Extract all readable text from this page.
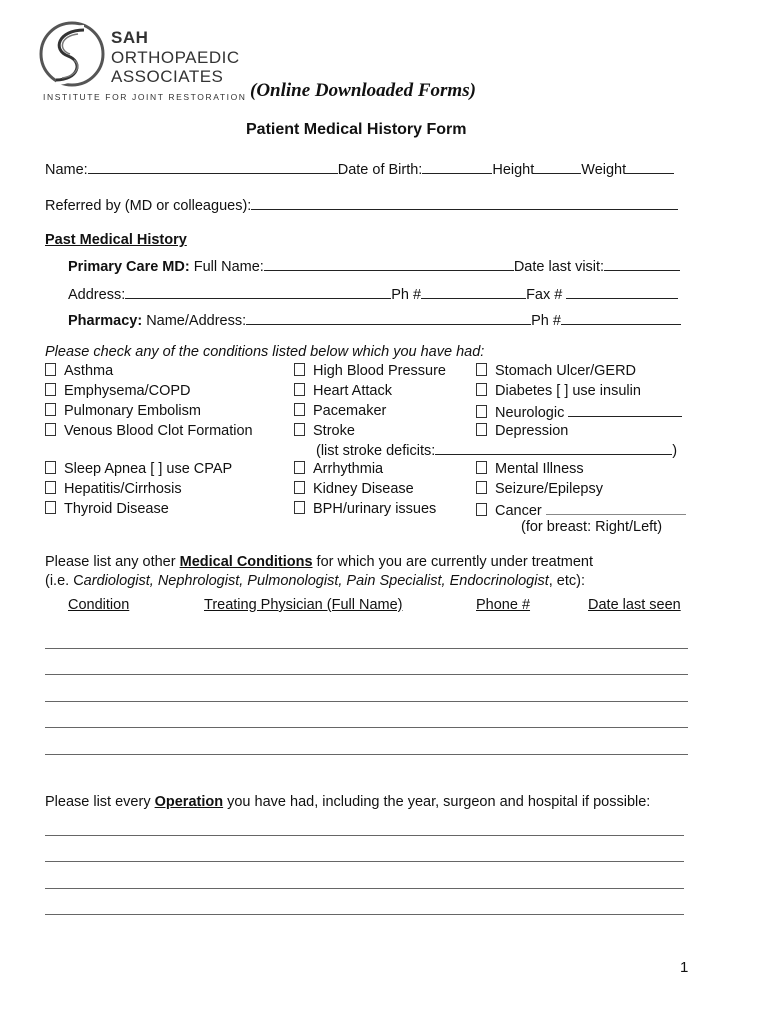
SAH
ORTHOPAEDIC
ASSOCIATES
INSTITUTE FOR JOINT RESTORATION (Online Downloaded Forms)
Patient Medical History Form
Name:	Date of Birth:	Height	Weight
Referred by (MD or colleagues):
Past Medical History
Primary Care MD: Full Name:	Date last visit:
Address:	Ph #	Fax #
Pharmacy: Name/Address:	Ph #
Please check any of the conditions listed below which you have had:
Asthma
Emphysema/COPD
Pulmonary Embolism
Venous Blood Clot Formation
Sleep Apnea [ ] use CPAP
Hepatitis/Cirrhosis
Thyroid Disease
High Blood Pressure
Heart Attack
Pacemaker
Stroke
Arrhythmia
Kidney Disease
BPH/urinary issues
(list stroke deficits:	)
Stomach Ulcer/GERD
Diabetes [ ] use insulin
Neurologic
Depression
Mental Illness
Seizure/Epilepsy
Cancer
(for breast: Right/Left)
Please list any other Medical Conditions for which you are currently under treatment
(i.e. Cardiologist, Nephrologist, Pulmonologist, Pain Specialist, Endocrinologist, etc):
Condition	Treating Physician (Full Name)	Phone #	Date last seen
Please list every Operation you have had, including the year, surgeon and hospital if possible:
1
